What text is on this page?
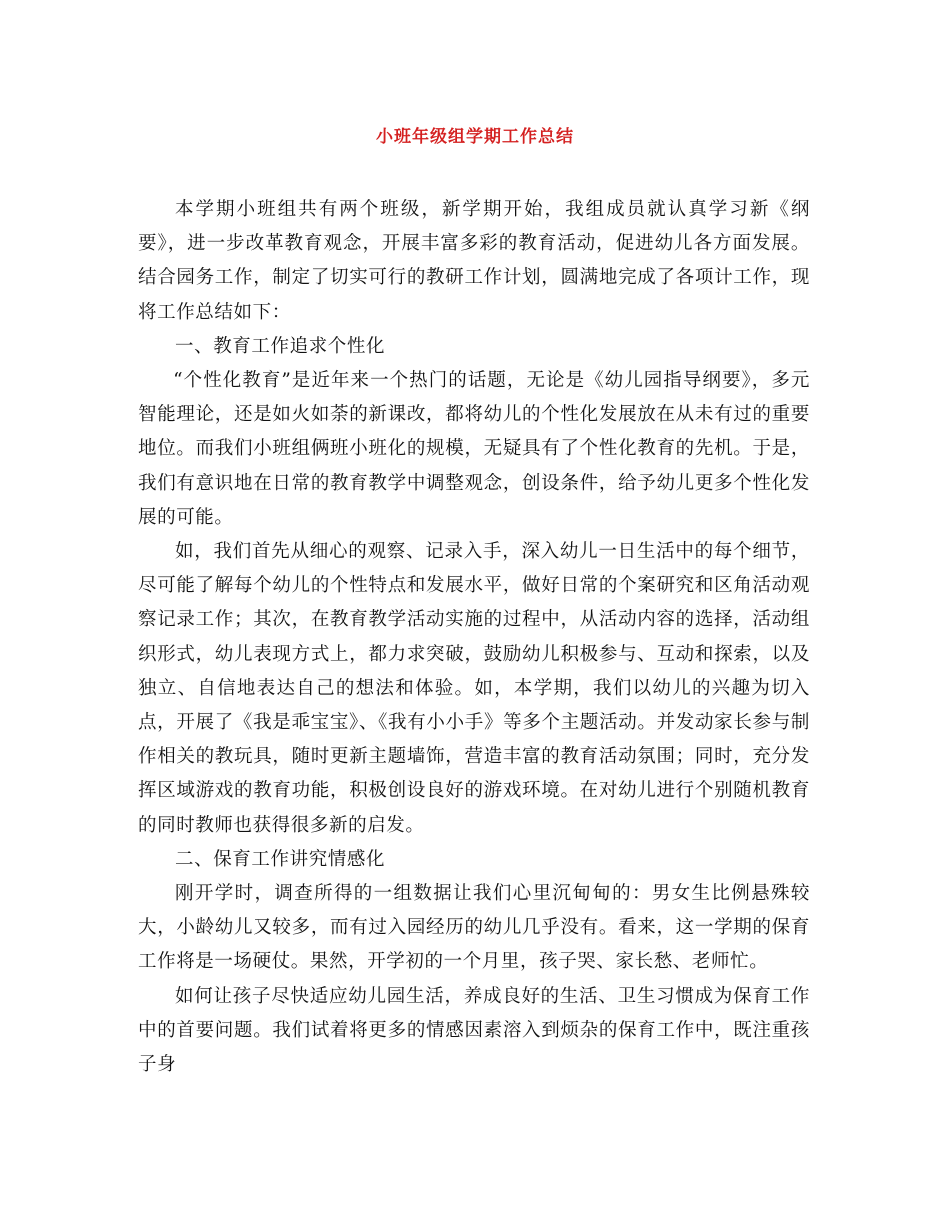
小班年级组学期工作总结

本学期小班组共有两个班级，新学期开始，我组成员就认真学习新《纲要》，进一步改革教育观念，开展丰富多彩的教育活动，促进幼儿各方面发展。结合园务工作，制定了切实可行的教研工作计划，圆满地完成了各项计工作，现将工作总结如下：

一、教育工作追求个性化

“个性化教育”是近年来一个热门的话题，无论是《幼儿园指导纲要》，多元智能理论，还是如火如荼的新课改，都将幼儿的个性化发展放在从未有过的重要地位。而我们小班组俩班小班化的规模，无疑具有了个性化教育的先机。于是，我们有意识地在日常的教育教学中调整观念，创设条件，给予幼儿更多个性化发展的可能。

如，我们首先从细心的观察、记录入手，深入幼儿一日生活中的每个细节，尽可能了解每个幼儿的个性特点和发展水平，做好日常的个案研究和区角活动观察记录工作；其次，在教育教学活动实施的过程中，从活动内容的选择，活动组织形式，幼儿表现方式上，都力求突破，鼓励幼儿积极参与、互动和探索，以及独立、自信地表达自己的想法和体验。如，本学期，我们以幼儿的兴趣为切入点，开展了《我是乖宝宝》、《我有小小手》等多个主题活动。并发动家长参与制作相关的教玩具，随时更新主题墙饰，营造丰富的教育活动氛围；同时，充分发挥区域游戏的教育功能，积极创设良好的游戏环境。在对幼儿进行个别随机教育的同时教师也获得很多新的启发。

二、保育工作讲究情感化

刚开学时，调查所得的一组数据让我们心里沉甸甸的：男女生比例悬殊较大，小龄幼儿又较多，而有过入园经历的幼儿几乎没有。看来，这一学期的保育工作将是一场硬仗。果然，开学初的一个月里，孩子哭、家长愁、老师忙。

如何让孩子尽快适应幼儿园生活，养成良好的生活、卫生习惯成为保育工作中的首要问题。我们试着将更多的情感因素溶入到烦杂的保育工作中，既注重孩子身
